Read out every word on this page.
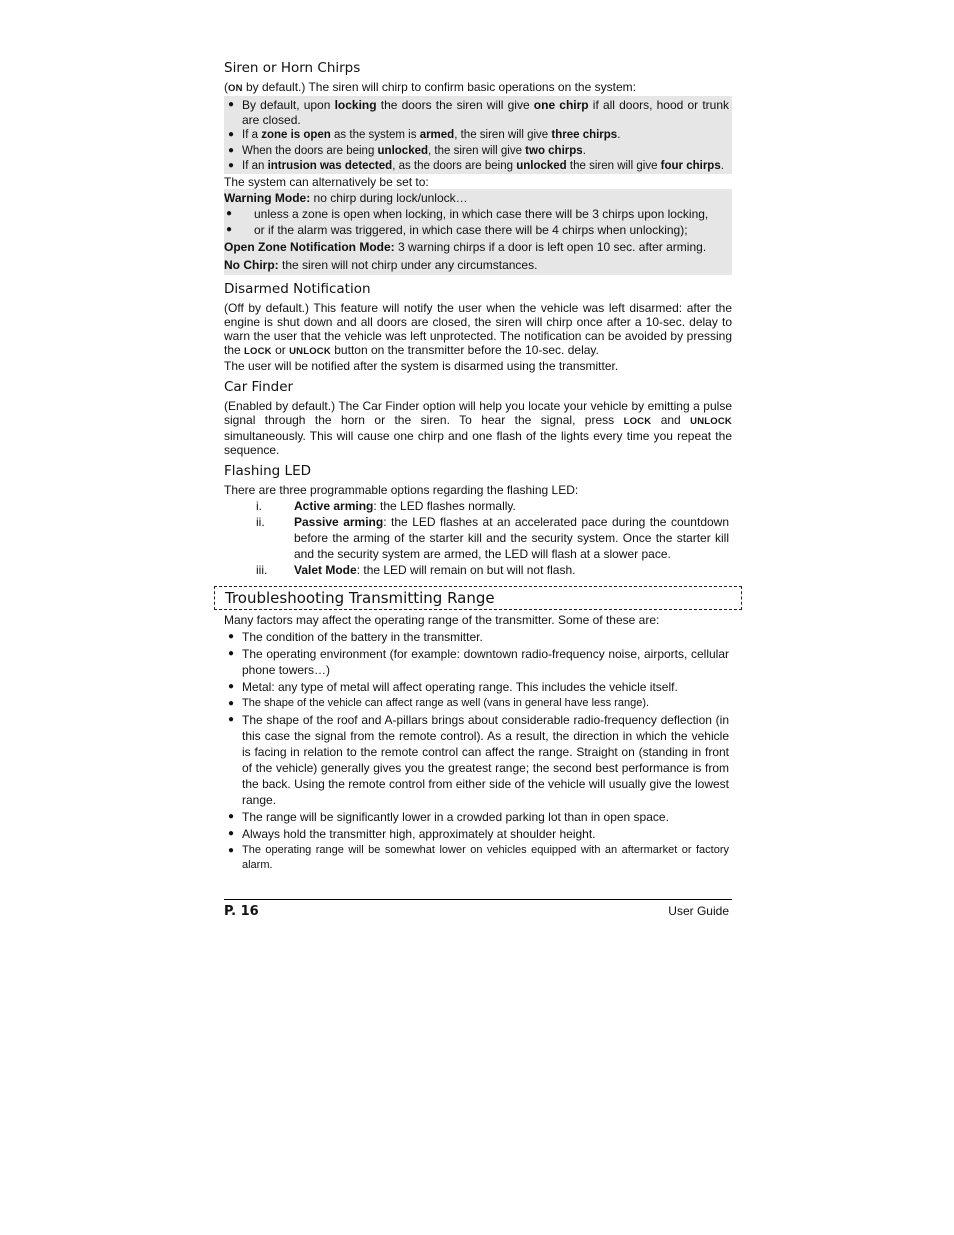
Siren or Horn Chirps

(ON by default.) The siren will chirp to confirm basic operations on the system:

● By default, upon locking the doors the siren will give one chirp if all doors, hood or trunk are closed.
● If a zone is open as the system is armed, the siren will give three chirps.
● When the doors are being unlocked, the siren will give two chirps.
● If an intrusion was detected, as the doors are being unlocked the siren will give four chirps.

The system can alternatively be set to:

Warning Mode: no chirp during lock/unlock…

●	unless a zone is open when locking, in which case there will be 3 chirps upon locking,
●	or if the alarm was triggered, in which case there will be 4 chirps when unlocking);

Open Zone Notification Mode: 3 warning chirps if a door is left open 10 sec. after arming.

No Chirp: the siren will not chirp under any circumstances.

Disarmed Notification

(Off by default.) This feature will notify the user when the vehicle was left disarmed: after the engine is shut down and all doors are closed, the siren will chirp once after a 10-sec. delay to warn the user that the vehicle was left unprotected. The notification can be avoided by pressing the LOCK or UNLOCK button on the transmitter before the 10-sec. delay.

The user will be notified after the system is disarmed using the transmitter.

Car Finder

(Enabled by default.) The Car Finder option will help you locate your vehicle by emitting a pulse signal through the horn or the siren. To hear the signal, press LOCK and UNLOCK simultaneously. This will cause one chirp and one flash of the lights every time you repeat the sequence.

Flashing LED

There are three programmable options regarding the flashing LED:

i.	Active arming: the LED flashes normally.
ii.	Passive arming: the LED flashes at an accelerated pace during the countdown before the arming of the starter kill and the security system. Once the starter kill and the security system are armed, the LED will flash at a slower pace.
iii.	Valet Mode: the LED will remain on but will not flash.
Troubleshooting Transmitting Range

Many factors may affect the operating range of the transmitter. Some of these are:

● The condition of the battery in the transmitter.
● The operating environment (for example: downtown radio-frequency noise, airports, cellular phone towers…)
● Metal: any type of metal will affect operating range. This includes the vehicle itself.
● The shape of the vehicle can affect range as well (vans in general have less range).
● The shape of the roof and A-pillars brings about considerable radio-frequency deflection (in this case the signal from the remote control). As a result, the direction in which the vehicle is facing in relation to the remote control can affect the range. Straight on (standing in front of the vehicle) generally gives you the greatest range; the second best performance is from the back. Using the remote control from either side of the vehicle will usually give the lowest range.
● The range will be significantly lower in a crowded parking lot than in open space.
● Always hold the transmitter high, approximately at shoulder height.
● The operating range will be somewhat lower on vehicles equipped with an aftermarket or factory alarm.
P. 16	User Guide
